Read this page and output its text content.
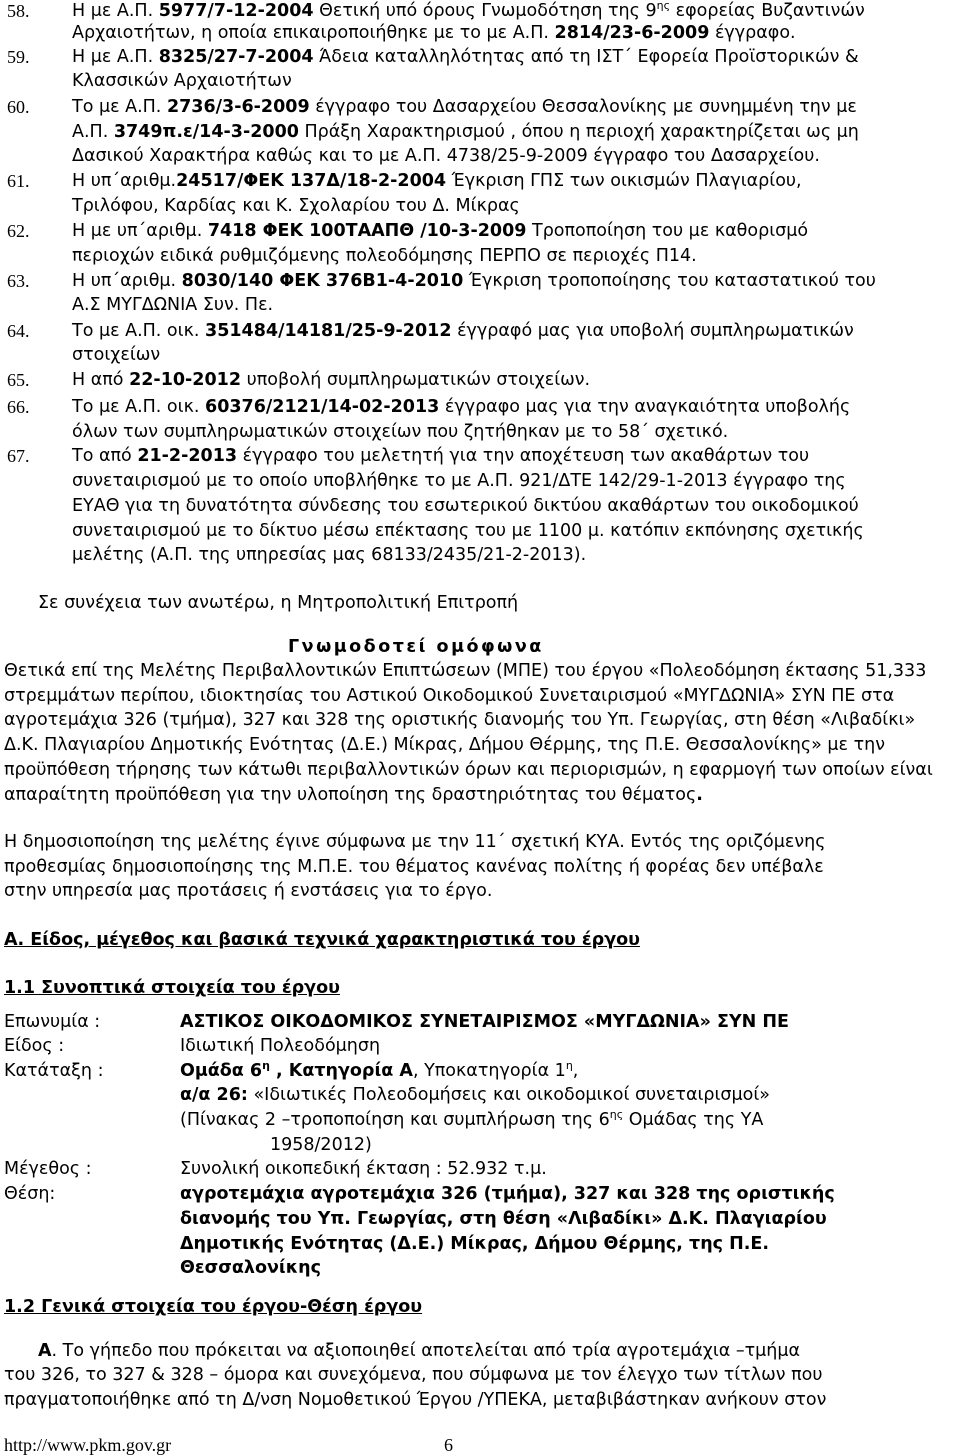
58. Η με Α.Π. 5977/7-12-2004 Θετική υπό όρους Γνωμοδότηση της $9^{\eta\varsigma}$ εφορείας Βυζαντινών
Αρχαιοτήτων, η οποία επικαιροποιήθηκε με το με Α.Π. 2814/23-6-2009 έγγραφο.
59. Η με Α.Π. 8325/27-7-2004 Άδεια καταλληλότητας από τη ΙΣΤ΄ Εφορεία Προϊστορικών &
Κλασσικών Αρχαιοτήτων
60. Το με Α.Π. 2736/3-6-2009 έγγραφο του Δασαρχείου Θεσσαλονίκης με συνημμένη την με
Α.Π. 3749π.ε/14-3-2000 Πράξη Χαρακτηρισμού , όπου η περιοχή χαρακτηρίζεται ως μη
Δασικού Χαρακτήρα καθώς και το με Α.Π. 4738/25-9-2009 έγγραφο του Δασαρχείου.
61. Η υπ΄αριθμ.24517/ΦΕΚ 137Δ/18-2-2004 Έγκριση ΓΠΣ των οικισμών Πλαγιαρίου,
Τριλόφου, Καρδίας και Κ. Σχολαρίου του Δ. Μίκρας
62. Η με υπ΄αριθμ. 7418 ΦΕΚ 100ΤΑΑΠΘ /10-3-2009 Τροποποίηση του με καθορισμό
περιοχών ειδικά ρυθμιζόμενης πολεοδόμησης ΠΕΡΠΟ σε περιοχές Π14.
63. Η υπ΄αριθμ. 8030/140 ΦΕΚ 376Β1-4-2010 Έγκριση τροποποίησης του καταστατικού του
Α.Σ ΜΥΓΔΩΝΙΑ Συν. Πε.
64. Το με Α.Π. οικ. 351484/14181/25-9-2012 έγγραφό μας για υποβολή συμπληρωματικών
στοιχείων
65. Η από 22-10-2012 υποβολή συμπληρωματικών στοιχείων.
66. Το με Α.Π. οικ. 60376/2121/14-02-2013 έγγραφο μας για την αναγκαιότητα υποβολής
όλων των συμπληρωματικών στοιχείων που ζητήθηκαν με το 58΄ σχετικό.
67. Το από 21-2-2013 έγγραφο του μελετητή για την αποχέτευση των ακαθάρτων του
συνεταιρισμού με το οποίο υποβλήθηκε το με Α.Π. 921/ΔΤΕ 142/29-1-2013 έγγραφο της
ΕΥΑΘ για τη δυνατότητα σύνδεσης του εσωτερικού δικτύου ακαθάρτων του οικοδομικού
συνεταιρισμού με το δίκτυο μέσω επέκτασης του με 1100 μ. κατόπιν εκπόνησης σχετικής
μελέτης (Α.Π. της υπηρεσίας μας 68133/2435/21-2-2013).
Σε συνέχεια των ανωτέρω, η Μητροπολιτική Επιτροπή
Γνωμοδοτεί ομόφωνα
Θετικά επί της Μελέτης Περιβαλλοντικών Επιπτώσεων (ΜΠΕ) του έργου «Πολεοδόμηση έκτασης 51,333
στρεμμάτων περίπου, ιδιοκτησίας του Αστικού Οικοδομικού Συνεταιρισμού «ΜΥΓΔΩΝΙΑ» ΣΥΝ ΠΕ στα
αγροτεμάχια 326 (τμήμα), 327 και 328 της οριστικής διανομής του Υπ. Γεωργίας, στη θέση «Λιβαδίκι»
Δ.Κ. Πλαγιαρίου Δημοτικής Ενότητας (Δ.Ε.) Μίκρας, Δήμου Θέρμης, της Π.Ε. Θεσσαλονίκης» με την
προϋπόθεση τήρησης των κάτωθι περιβαλλοντικών όρων και περιορισμών, η εφαρμογή των οποίων είναι
απαραίτητη προϋπόθεση για την υλοποίηση της δραστηριότητας του θέματος.
Η δημοσιοποίηση της μελέτης έγινε σύμφωνα με την 11΄ σχετική ΚΥΑ. Εντός της οριζόμενης
προθεσμίας δημοσιοποίησης της Μ.Π.Ε. του θέματος κανένας πολίτης ή φορέας δεν υπέβαλε
στην υπηρεσία μας προτάσεις ή ενστάσεις για το έργο.
Α. Είδος, μέγεθος και βασικά τεχνικά χαρακτηριστικά του έργου
1.1 Συνοπτικά στοιχεία του έργου
Επωνυμία :	ΑΣΤΙΚΟΣ ΟΙΚΟΔΟΜΙΚΟΣ ΣΥΝΕΤΑΙΡΙΣΜΟΣ «ΜΥΓΔΩΝΙΑ» ΣΥΝ ΠΕ
Είδος :	Ιδιωτική Πολεοδόμηση
Κατάταξη :	Ομάδα $6^\eta$ , Κατηγορία Α, Υποκατηγορία $1^\eta$,
α/α 26: «Ιδιωτικές Πολεοδομήσεις και οικοδομικοί συνεταιρισμοί»
(Πίνακας 2 –τροποποίηση και συμπλήρωση της $6^{\eta\varsigma}$ Ομάδας της ΥΑ
1958/2012)
Μέγεθος :	Συνολική οικοπεδική έκταση : 52.932 τ.μ.
Θέση:	αγροτεμάχια αγροτεμάχια 326 (τμήμα), 327 και 328 της οριστικής
διανομής του Υπ. Γεωργίας, στη θέση «Λιβαδίκι» Δ.Κ. Πλαγιαρίου
Δημοτικής Ενότητας (Δ.Ε.) Μίκρας, Δήμου Θέρμης, της Π.Ε.
Θεσσαλονίκης
1.2 Γενικά στοιχεία του έργου-Θέση έργου
Α. Το γήπεδο που πρόκειται να αξιοποιηθεί αποτελείται από τρία αγροτεμάχια –τμήμα
του 326, το 327 & 328 – όμορα και συνεχόμενα, που σύμφωνα με τον έλεγχο των τίτλων που
πραγματοποιήθηκε από τη Δ/νση Νομοθετικού Έργου /ΥΠΕΚΑ, μεταβιβάστηκαν ανήκουν στον
http://www.pkm.gov.gr	6
